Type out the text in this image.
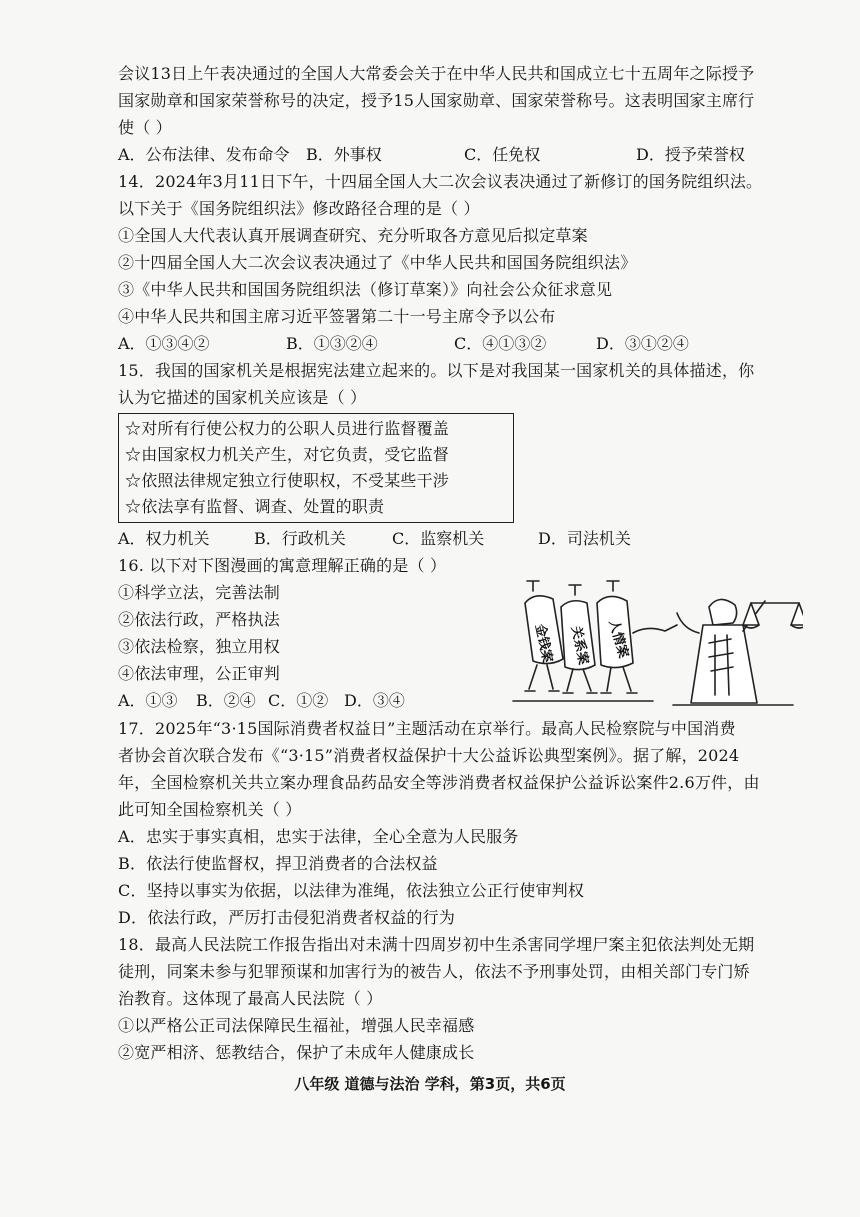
会议13日上午表决通过的全国人大常委会关于在中华人民共和国成立七十五周年之际授予
国家勋章和国家荣誉称号的决定，授予15人国家勋章、国家荣誉称号。这表明国家主席行
使（ ）
A．公布法律、发布命令	B．外事权	C．任免权	D．授予荣誉权
14．2024年3月11日下午，十四届全国人大二次会议表决通过了新修订的国务院组织法。
以下关于《国务院组织法》修改路径合理的是（ ）
①全国人大代表认真开展调查研究、充分听取各方意见后拟定草案
②十四届全国人大二次会议表决通过了《中华人民共和国国务院组织法》
③《中华人民共和国国务院组织法（修订草案）》向社会公众征求意见
④中华人民共和国主席习近平签署第二十一号主席令予以公布
A．①③④②	B．①③②④	C．④①③②	D．③①②④
15．我国的国家机关是根据宪法建立起来的。以下是对我国某一国家机关的具体描述，你
认为它描述的国家机关应该是（ ）
☆对所有行使公权力的公职人员进行监督覆盖
☆由国家权力机关产生，对它负责，受它监督
☆依照法律规定独立行使职权，不受某些干涉
☆依法享有监督、调查、处置的职责
A．权力机关	B．行政机关	C．监察机关	D．司法机关
16. 以下对下图漫画的寓意理解正确的是（ ）
①科学立法，完善法制
②依法行政，严格执法
③依法检察，独立用权
④依法审理，公正审判
A．①③	B．②④ C．①② D．③④
金钱案 关系案 人情案
17．2025年“3·15国际消费者权益日”主题活动在京举行。最高人民检察院与中国消费
者协会首次联合发布《“3·15”消费者权益保护十大公益诉讼典型案例》。据了解，2024
年，全国检察机关共立案办理食品药品安全等涉消费者权益保护公益诉讼案件2.6万件，由
此可知全国检察机关（ ）
A．忠实于事实真相，忠实于法律，全心全意为人民服务
B．依法行使监督权，捍卫消费者的合法权益
C．坚持以事实为依据，以法律为准绳，依法独立公正行使审判权
D．依法行政，严厉打击侵犯消费者权益的行为
18．最高人民法院工作报告指出对未满十四周岁初中生杀害同学埋尸案主犯依法判处无期
徒刑，同案未参与犯罪预谋和加害行为的被告人，依法不予刑事处罚，由相关部门专门矫
治教育。这体现了最高人民法院（ ）
①以严格公正司法保障民生福祉，增强人民幸福感
②宽严相济、惩教结合，保护了未成年人健康成长
八年级 道德与法治 学科，第3页，共6页
